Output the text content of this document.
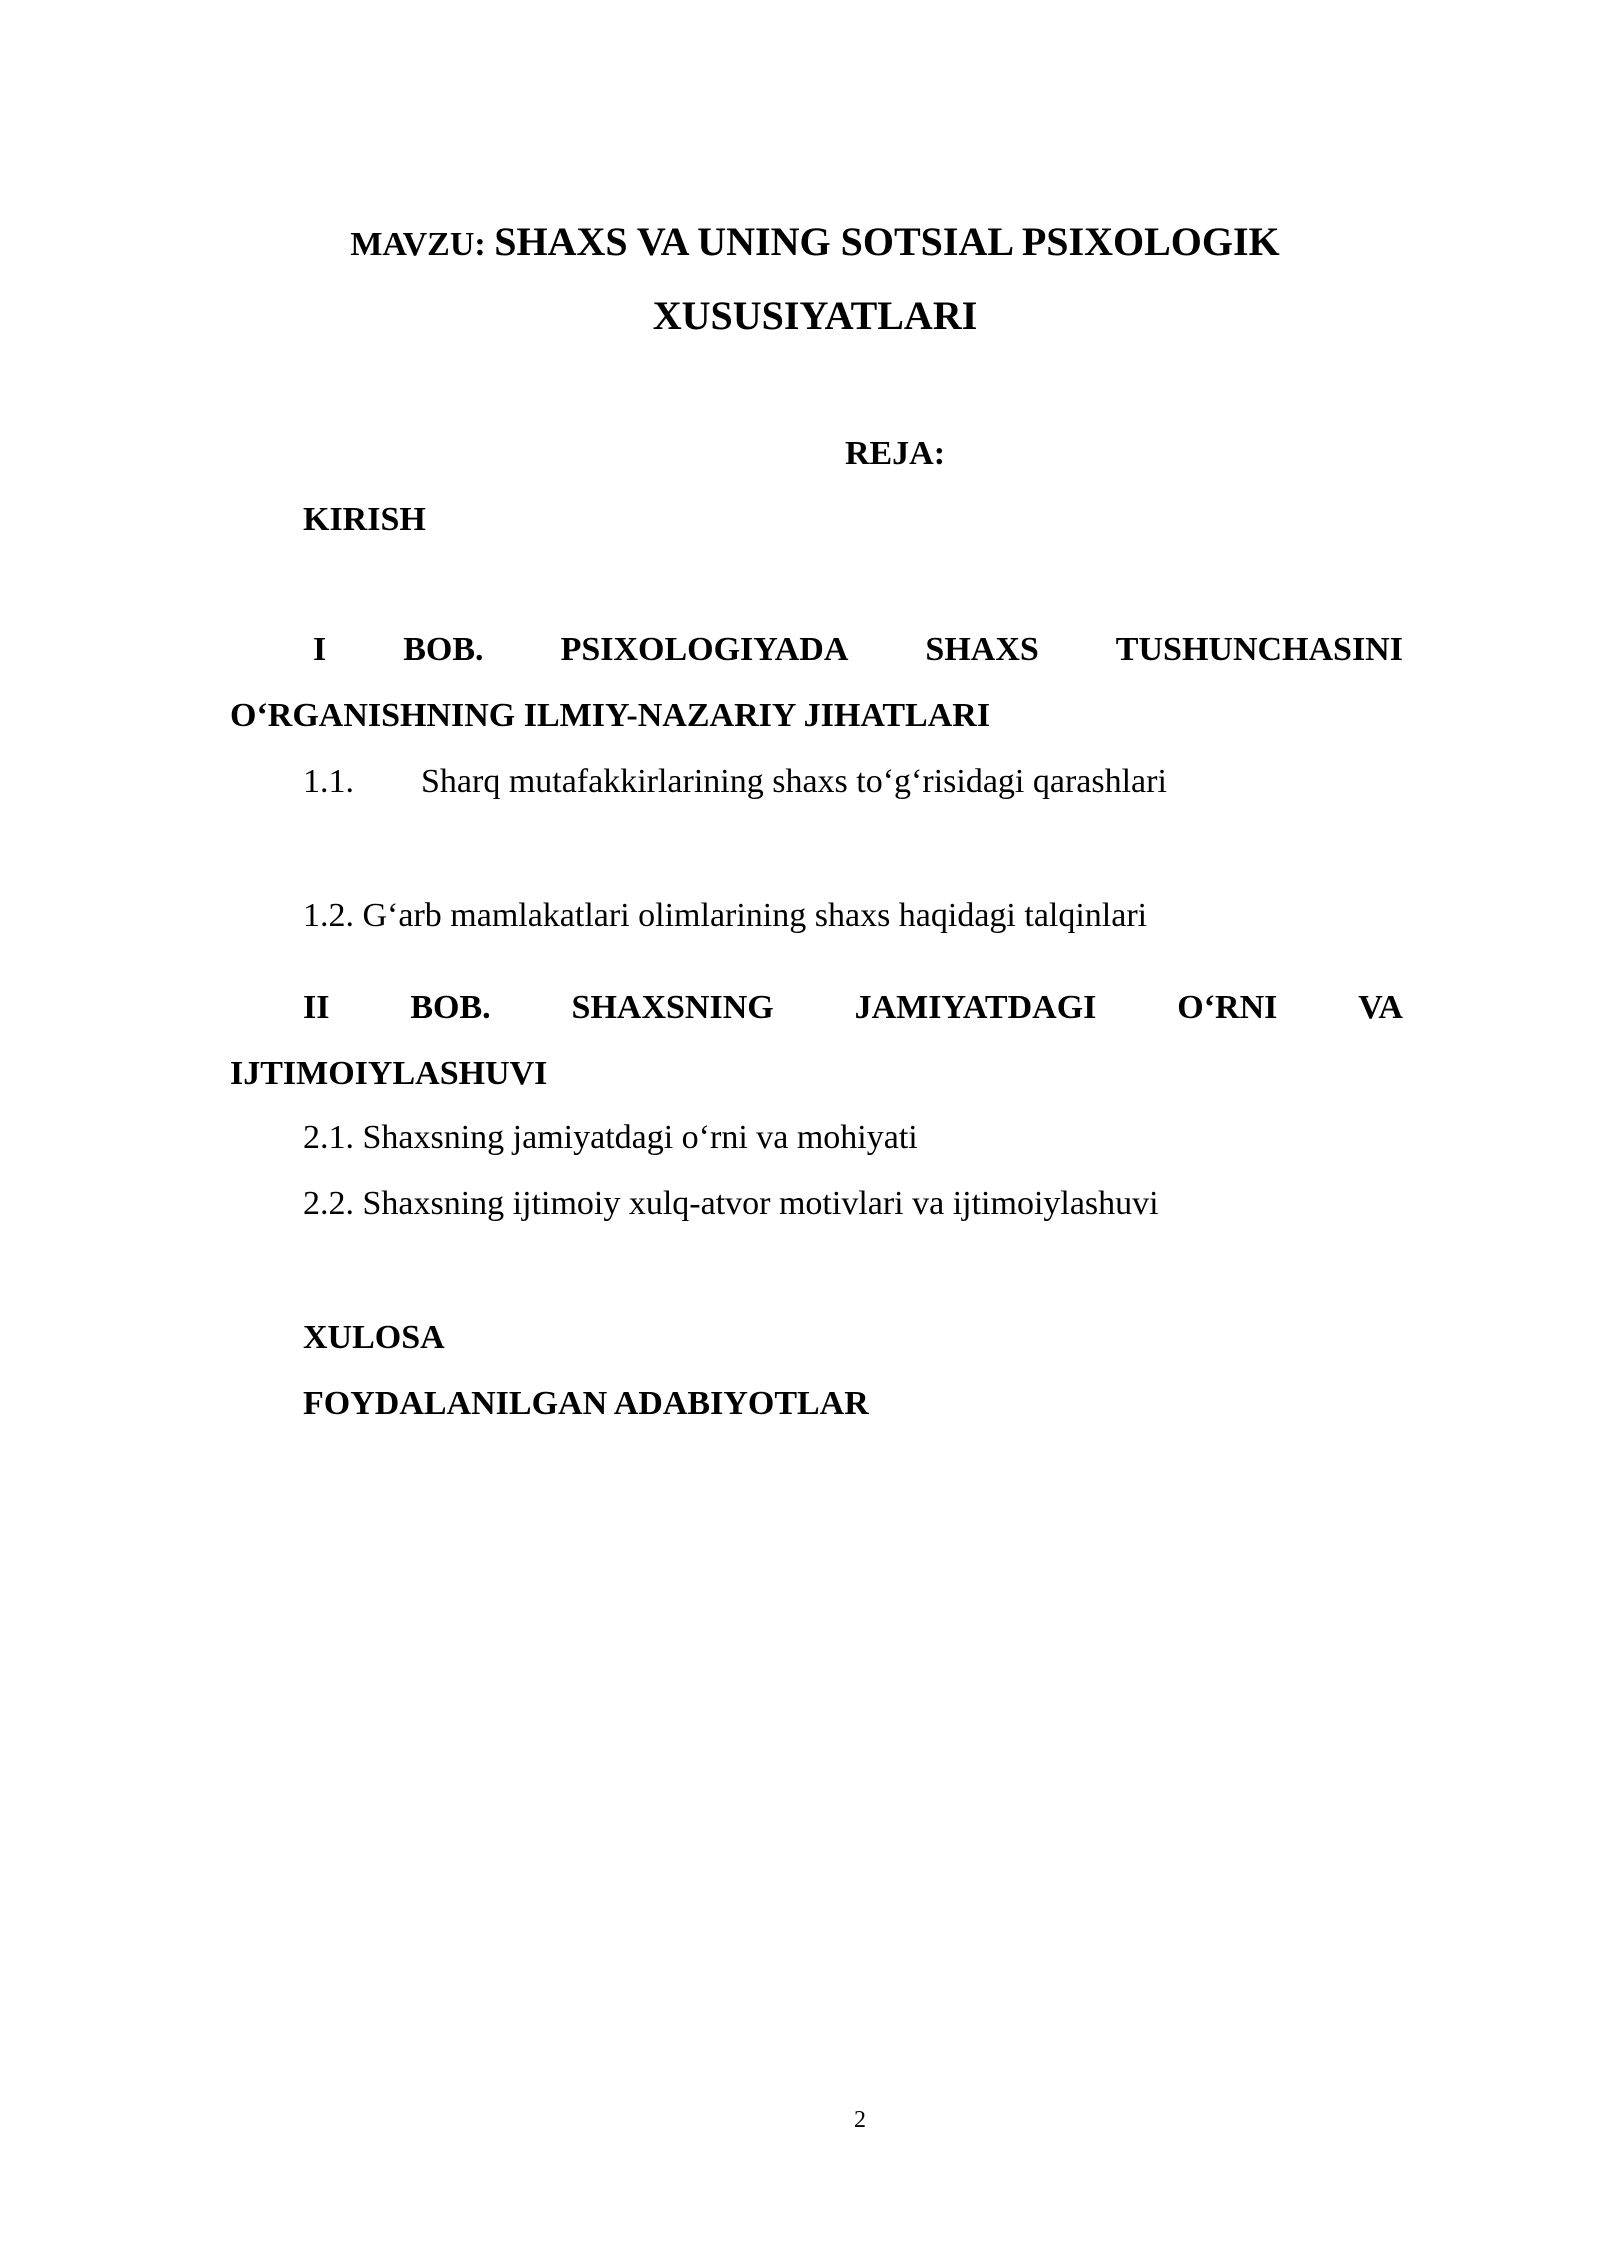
MAVZU: SHAXS VA UNING SOTSIAL PSIXOLOGIK
XUSUSIYATLARI
REJA:
KIRISH
I BOB. PSIXOLOGIYADA SHAXS TUSHUNCHASINI
O‘RGANISHNING ILMIY-NAZARIY JIHATLARI
1.1. Sharq mutafakkirlarining shaxs to‘g‘risidagi qarashlari
1.2. G‘arb mamlakatlari olimlarining shaxs haqidagi talqinlari
II BOB. SHAXSNING JAMIYATDAGI O‘RNI VA
IJTIMOIYLASHUVI
2.1. Shaxsning jamiyatdagi o‘rni va mohiyati
2.2. Shaxsning ijtimoiy xulq-atvor motivlari va ijtimoiylashuvi
XULOSA
FOYDALANILGAN ADABIYOTLAR
2
